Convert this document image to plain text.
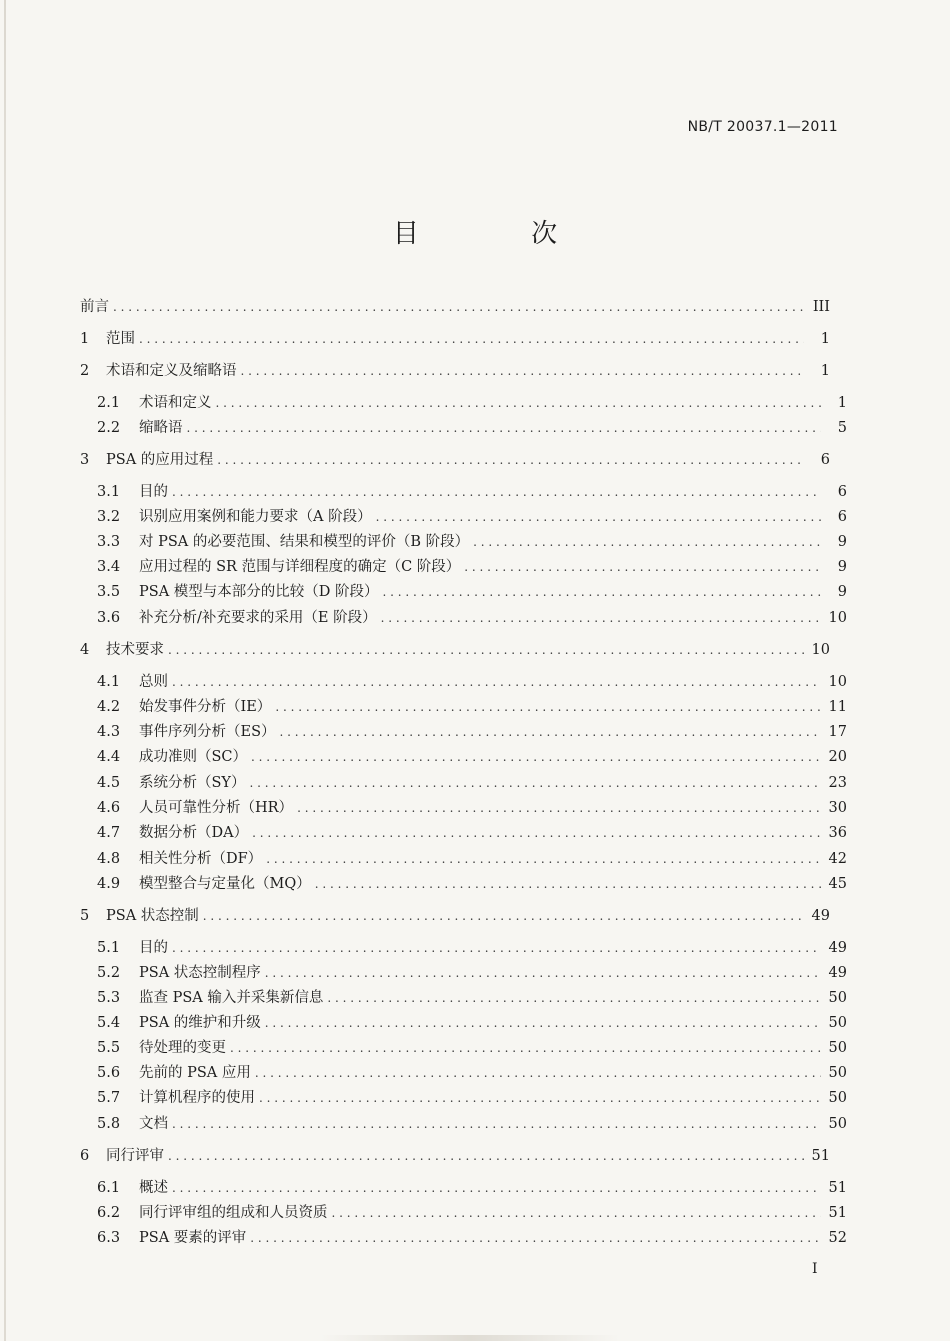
NB/T 20037.1—2011
目 次
前言 . . .	III
1	范围 . . .	1
2	术语和定义及缩略语 . . .	1
2.1	术语和定义 . . .	1
2.2	缩略语 . . .	5
3	PSA 的应用过程 . . .	6
3.1	目的 . . .	6
3.2	识别应用案例和能力要求（A 阶段） . . .	6
3.3	对 PSA 的必要范围、结果和模型的评价（B 阶段） . . .	9
3.4	应用过程的 SR 范围与详细程度的确定（C 阶段） . . .	9
3.5	PSA 模型与本部分的比较（D 阶段） . . .	9
3.6	补充分析/补充要求的采用（E 阶段） . . .	10
4	技术要求 . . .	10
4.1	总则 . . .	10
4.2	始发事件分析（IE） . . .	11
4.3	事件序列分析（ES） . . .	17
4.4	成功准则（SC） . . .	20
4.5	系统分析（SY） . . .	23
4.6	人员可靠性分析（HR） . . .	30
4.7	数据分析（DA） . . .	36
4.8	相关性分析（DF） . . .	42
4.9	模型整合与定量化（MQ） . . .	45
5	PSA 状态控制 . . .	49
5.1	目的 . . .	49
5.2	PSA 状态控制程序 . . .	49
5.3	监查 PSA 输入并采集新信息 . . .	50
5.4	PSA 的维护和升级 . . .	50
5.5	待处理的变更 . . .	50
5.6	先前的 PSA 应用 . . .	50
5.7	计算机程序的使用 . . .	50
5.8	文档 . . .	50
6	同行评审 . . .	51
6.1	概述 . . .	51
6.2	同行评审组的组成和人员资质 . . .	51
6.3	PSA 要素的评审 . . .	52
I
